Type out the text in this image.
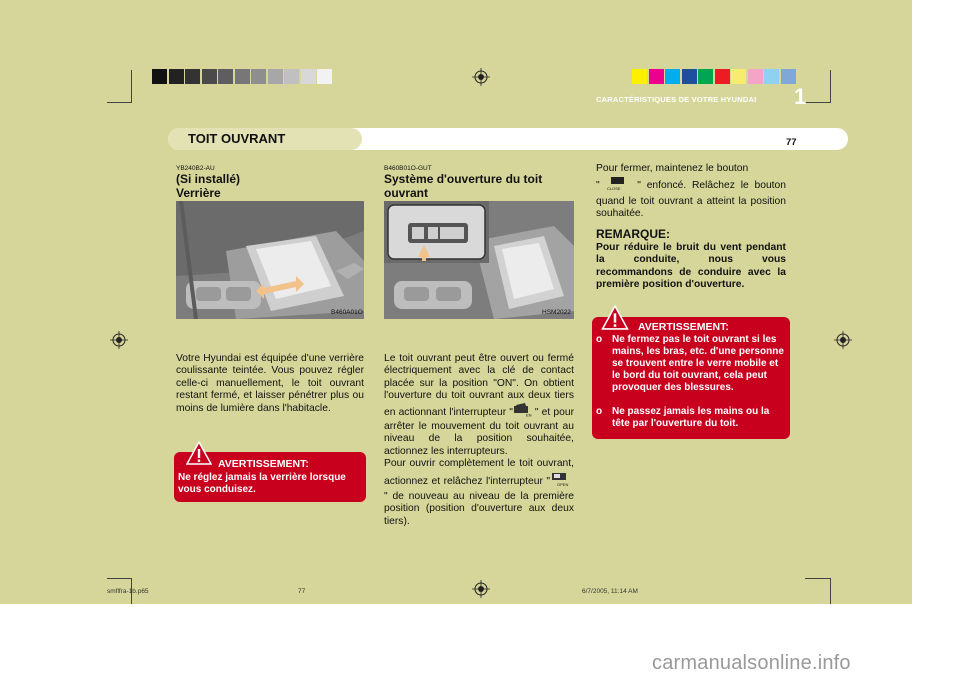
CARACTÉRISTIQUES DE VOTRE HYUNDAI 1
TOIT OUVRANT	77
YB240B2-AU
(Si installé)
Verrière
B460A01O
Votre Hyundai est équipée d'une verrière coulissante teintée. Vous pouvez régler celle-ci manuellement, le toit ouvrant restant fermé, et laisser pénétrer plus ou moins de lumière dans l'habitacle.
AVERTISSEMENT:
Ne réglez jamais la verrière lorsque vous conduisez.
B460B01O-GUT
Système d'ouverture du toit
ouvrant
HSM2022
Le toit ouvrant peut être ouvert ou fermé électriquement avec la clé de contact placée sur la position "ON". On obtient l'ouverture du toit ouvrant aux deux tiers en actionnant l'interrupteur "	EN " et pour arrêter le mouvement du toit ouvrant au niveau de la position souhaitée, actionnez les interrupteurs.
Pour ouvrir complètement le toit ouvrant, actionnez et relâchez l'interrupteur " OPEN
" de nouveau au niveau de la première position (position d'ouverture aux deux tiers).
Pour fermer, maintenez le bouton
" CLOSE " enfoncé. Relâchez le bouton quand le toit ouvrant a atteint la position souhaitée.
REMARQUE:
Pour réduire le bruit du vent pendant la conduite, nous vous recommandons de conduire avec la première position d'ouverture.
AVERTISSEMENT:
o Ne fermez pas le toit ouvrant si les mains, les bras, etc. d'une personne se trouvent entre le verre mobile et le bord du toit ouvrant, cela peut provoquer des blessures.
o Ne passez jamais les mains ou la tête par l'ouverture du toit.
smflfra-1b.p65	77	6/7/2005, 11:14 AM
carmanualsonline.info
